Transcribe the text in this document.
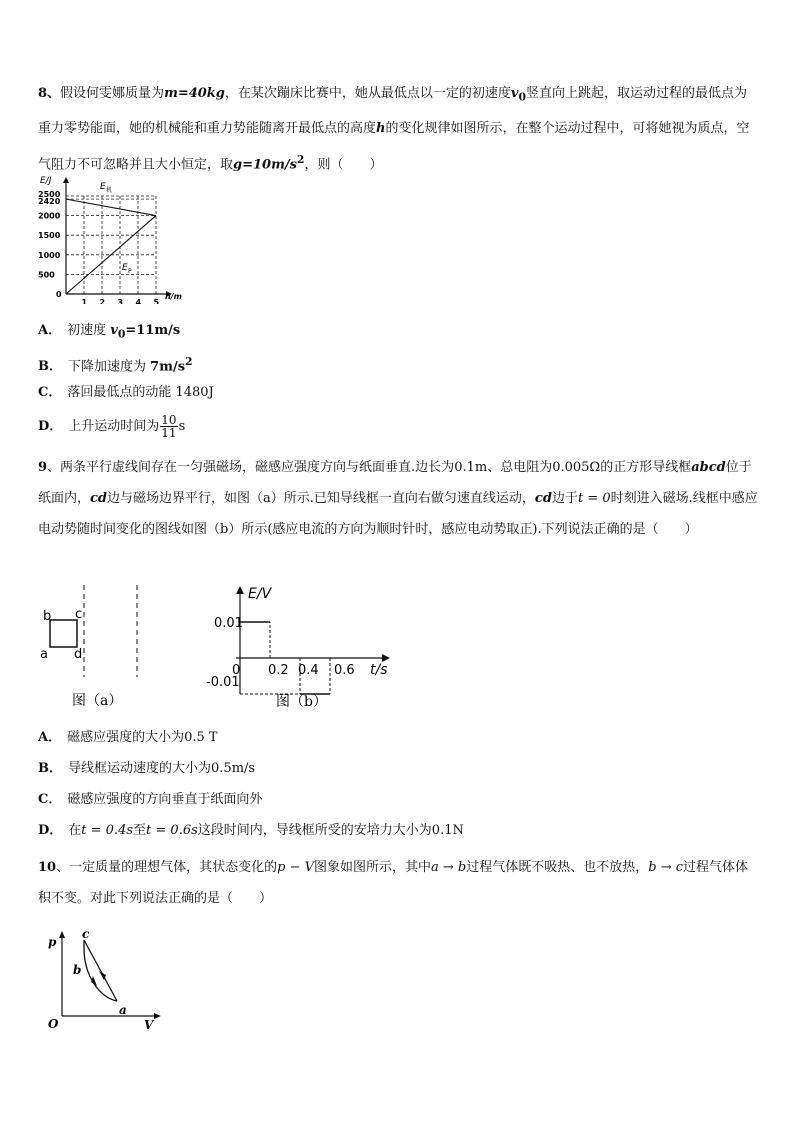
8、假设何雯娜质量为m=40kg，在某次蹦床比赛中，她从最低点以一定的初速度$v_0$竖直向上跳起，取运动过程的最低点为重力零势能面，她的机械能和重力势能随离开最低点的高度h的变化规律如图所示，在整个运动过程中，可将她视为质点，空气阻力不可忽略并且大小恒定，取$g=10m/s^2$，则（　　）

E/J
h/m
0
1 2 3 4 5
2500
2420
2000
1500
1000
500
E 机
E P
A． 初速度 $v_0=11m/s$
B． 下降加速度为 $7m/s^2$
C． 落回最低点的动能 1480J
D． 上升运动时间为 $\frac{10}{11}$ s

9、两条平行虚线间存在一匀强磁场，磁感应强度方向与纸面垂直.边长为0.1m、总电阻为0.005Ω的正方形导线框abcd位于纸面内，cd边与磁场边界平行，如图（a）所示.已知导线框一直向右做匀速直线运动，cd边于t = 0时刻进入磁场.线框中感应电动势随时间变化的图线如图（b）所示(感应电流的方向为顺时针时，感应电动势取正).下列说法正确的是（　　）

b c
a d
图（a）
E/V
t/s
0
0.01
-0.01
0.2 0.4 0.6
图（b）
A． 磁感应强度的大小为0.5 T
B． 导线框运动速度的大小为0.5m/s
C． 磁感应强度的方向垂直于纸面向外
D． 在t = 0.4s至t = 0.6s这段时间内，导线框所受的安培力大小为0.1N

10、一定质量的理想气体，其状态变化的p − V图象如图所示，其中a → b过程气体既不吸热、也不放热，b → c过程气体体积不变。对此下列说法正确的是（　　）

p
V
O
c
b
a
